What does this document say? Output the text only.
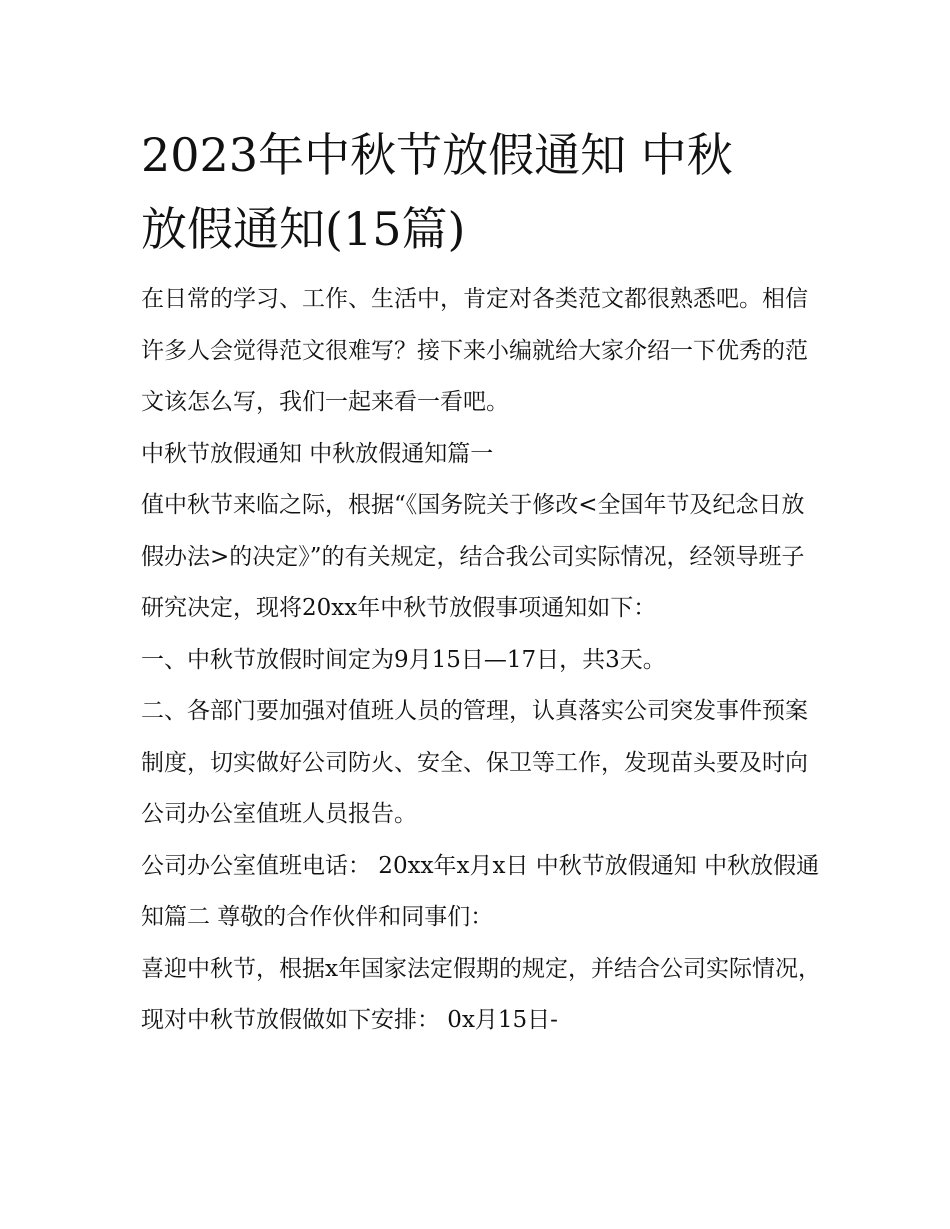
2023年中秋节放假通知 中秋
放假通知(15篇)

在日常的学习、工作、生活中，肯定对各类范文都很熟悉吧。相信许多人会觉得范文很难写？接下来小编就给大家介绍一下优秀的范文该怎么写，我们一起来看一看吧。

中秋节放假通知 中秋放假通知篇一

值中秋节来临之际，根据“《国务院关于修改<全国年节及纪念日放假办法>的决定》”的有关规定，结合我公司实际情况，经领导班子研究决定，现将20xx年中秋节放假事项通知如下：

一、中秋节放假时间定为9月15日—17日，共3天。

二、各部门要加强对值班人员的管理，认真落实公司突发事件预案制度，切实做好公司防火、安全、保卫等工作，发现苗头要及时向公司办公室值班人员报告。

公司办公室值班电话： 20xx年x月x日 中秋节放假通知 中秋放假通知篇二 尊敬的合作伙伴和同事们：

喜迎中秋节，根据x年国家法定假期的规定，并结合公司实际情况，现对中秋节放假做如下安排： 0x月15日-
